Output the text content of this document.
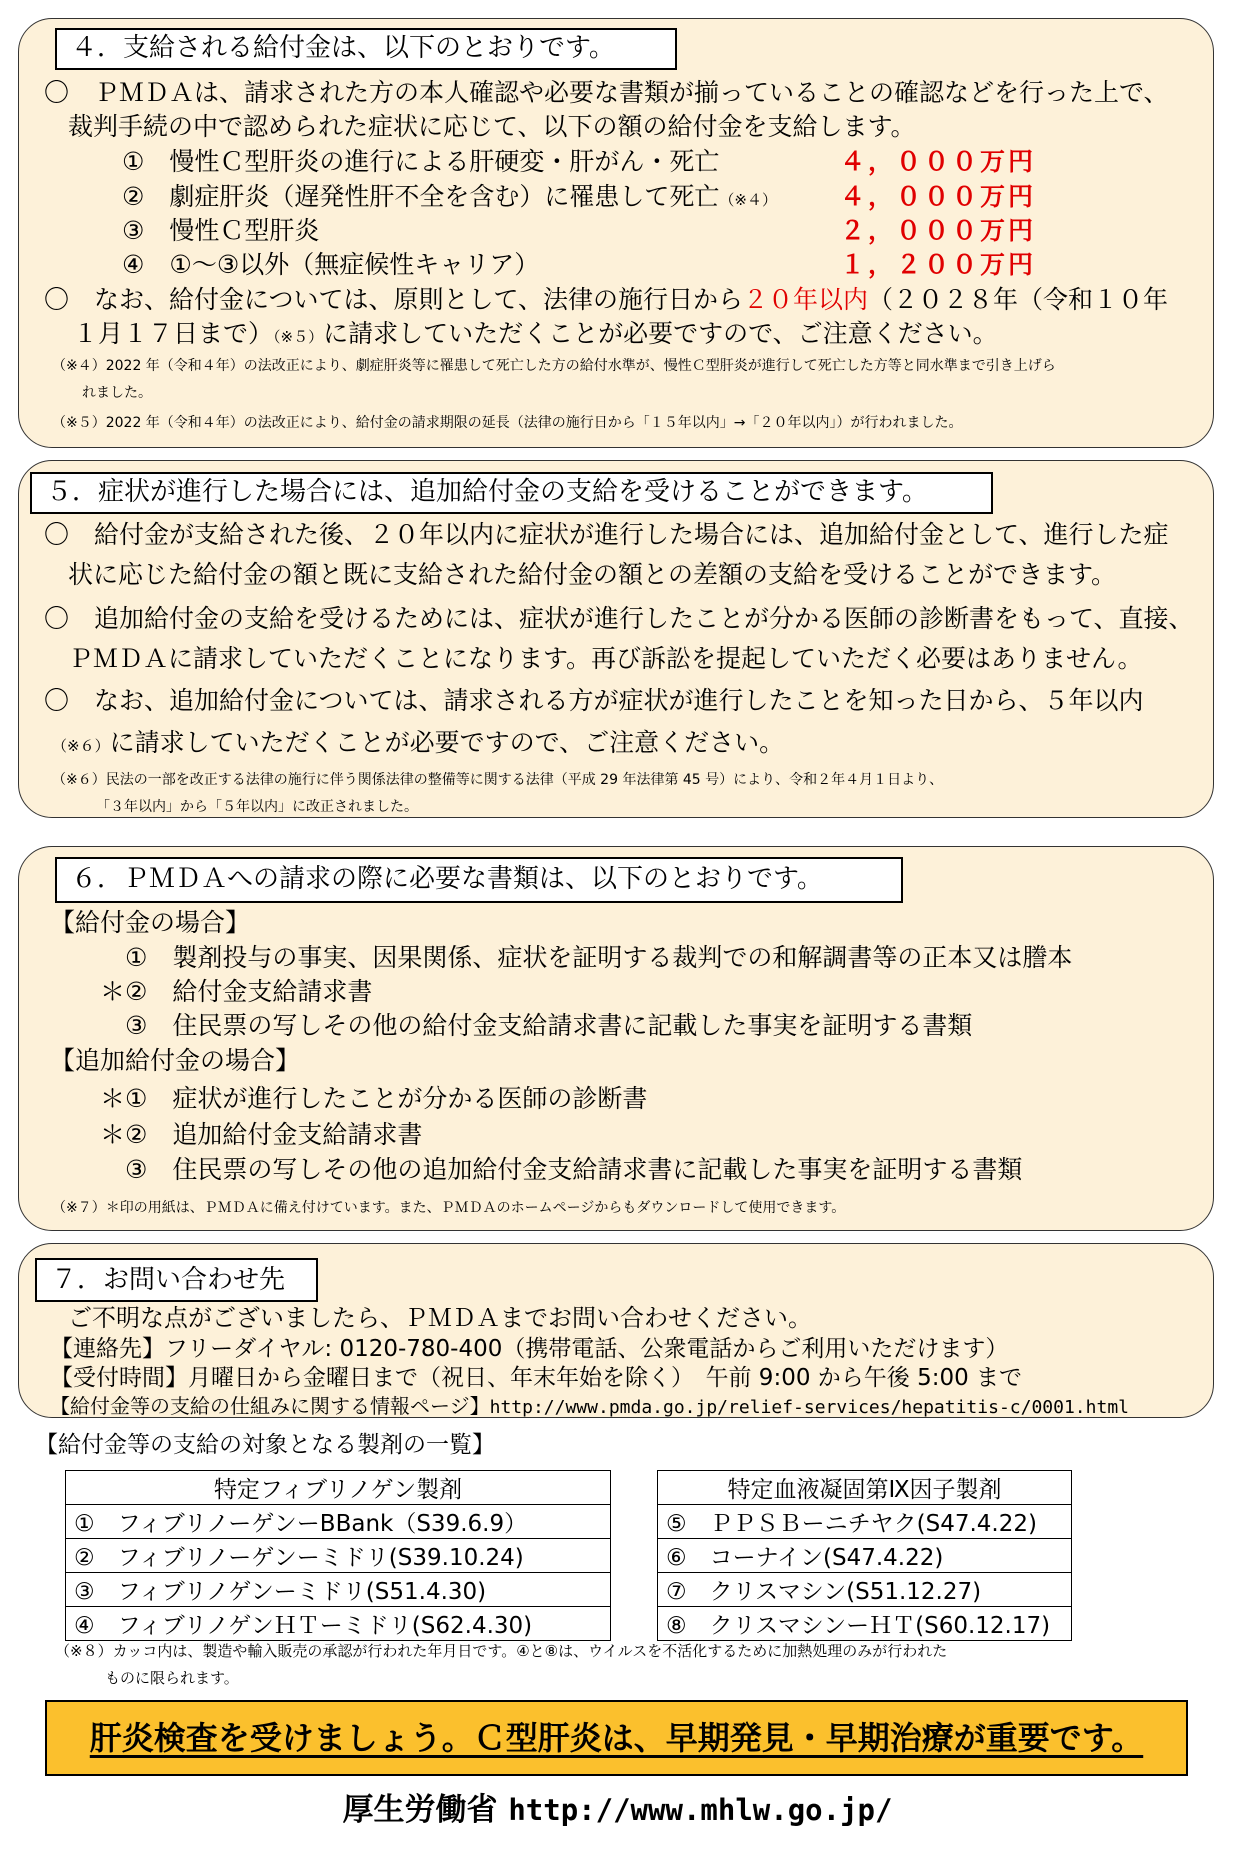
４．支給される給付金は、以下のとおりです。
〇　ＰＭＤＡは、請求された方の本人確認や必要な書類が揃っていることの確認などを行った上で、
裁判手続の中で認められた症状に応じて、以下の額の給付金を支給します。
①　慢性Ｃ型肝炎の進行による肝硬変・肝がん・死亡	４，０００万円
②　劇症肝炎（遅発性肝不全を含む）に罹患して死亡（※４）	４，０００万円
③　慢性Ｃ型肝炎	２，０００万円
④　①～③以外（無症候性キャリア）	１，２００万円
〇　なお、給付金については、原則として、法律の施行日から２０年以内（２０２８年（令和１０年
１月１７日まで）（※５）に請求していただくことが必要ですので、ご注意ください。
（※４）2022 年（令和４年）の法改正により、劇症肝炎等に罹患して死亡した方の給付水準が、慢性Ｃ型肝炎が進行して死亡した方等と同水準まで引き上げら
れました。
（※５）2022 年（令和４年）の法改正により、給付金の請求期限の延長（法律の施行日から「１５年以内」→「２０年以内」）が行われました。
５．症状が進行した場合には、追加給付金の支給を受けることができます。
〇　給付金が支給された後、２０年以内に症状が進行した場合には、追加給付金として、進行した症
状に応じた給付金の額と既に支給された給付金の額との差額の支給を受けることができます。
〇　追加給付金の支給を受けるためには、症状が進行したことが分かる医師の診断書をもって、直接、
ＰＭＤＡに請求していただくことになります。再び訴訟を提起していただく必要はありません。
〇　なお、追加給付金については、請求される方が症状が進行したことを知った日から、５年以内
（※６）に請求していただくことが必要ですので、ご注意ください。
（※６）民法の一部を改正する法律の施行に伴う関係法律の整備等に関する法律（平成 29 年法律第 45 号）により、令和２年４月１日より、
「３年以内」から「５年以内」に改正されました。
６．ＰＭＤＡへの請求の際に必要な書類は、以下のとおりです。
【給付金の場合】
　①　製剤投与の事実、因果関係、症状を証明する裁判での和解調書等の正本又は謄本
＊②　給付金支給請求書
　③　住民票の写しその他の給付金支給請求書に記載した事実を証明する書類
【追加給付金の場合】
＊①　症状が進行したことが分かる医師の診断書
＊②　追加給付金支給請求書
　③　住民票の写しその他の追加給付金支給請求書に記載した事実を証明する書類
（※７）＊印の用紙は、ＰＭＤＡに備え付けています。また、ＰＭＤＡのホームページからもダウンロードして使用できます。
７．お問い合わせ先
ご不明な点がございましたら、ＰＭＤＡまでお問い合わせください。
【連絡先】フリーダイヤル: 0120-780-400（携帯電話、公衆電話からご利用いただけます）
【受付時間】月曜日から金曜日まで（祝日、年末年始を除く）　午前 9:00 から午後 5:00 まで
【給付金等の支給の仕組みに関する情報ページ】http://www.pmda.go.jp/relief-services/hepatitis-c/0001.html
【給付金等の支給の対象となる製剤の一覧】
特定フィブリノゲン製剤
①　フィブリノーゲンーBBank（S39.6.9）
②　フィブリノーゲンーミドリ(S39.10.24)
③　フィブリノゲンーミドリ(S51.4.30)
④　フィブリノゲンＨＴーミドリ(S62.4.30)
特定血液凝固第Ⅸ因子製剤
⑤　ＰＰＳＢーニチヤク(S47.4.22)
⑥　コーナイン(S47.4.22)
⑦　クリスマシン(S51.12.27)
⑧　クリスマシンーＨＴ(S60.12.17)
（※８）カッコ内は、製造や輸入販売の承認が行われた年月日です。④と⑧は、ウイルスを不活化するために加熱処理のみが行われた
ものに限られます。
肝炎検査を受けましょう。Ｃ型肝炎は、早期発見・早期治療が重要です。
厚生労働省 http://www.mhlw.go.jp/
